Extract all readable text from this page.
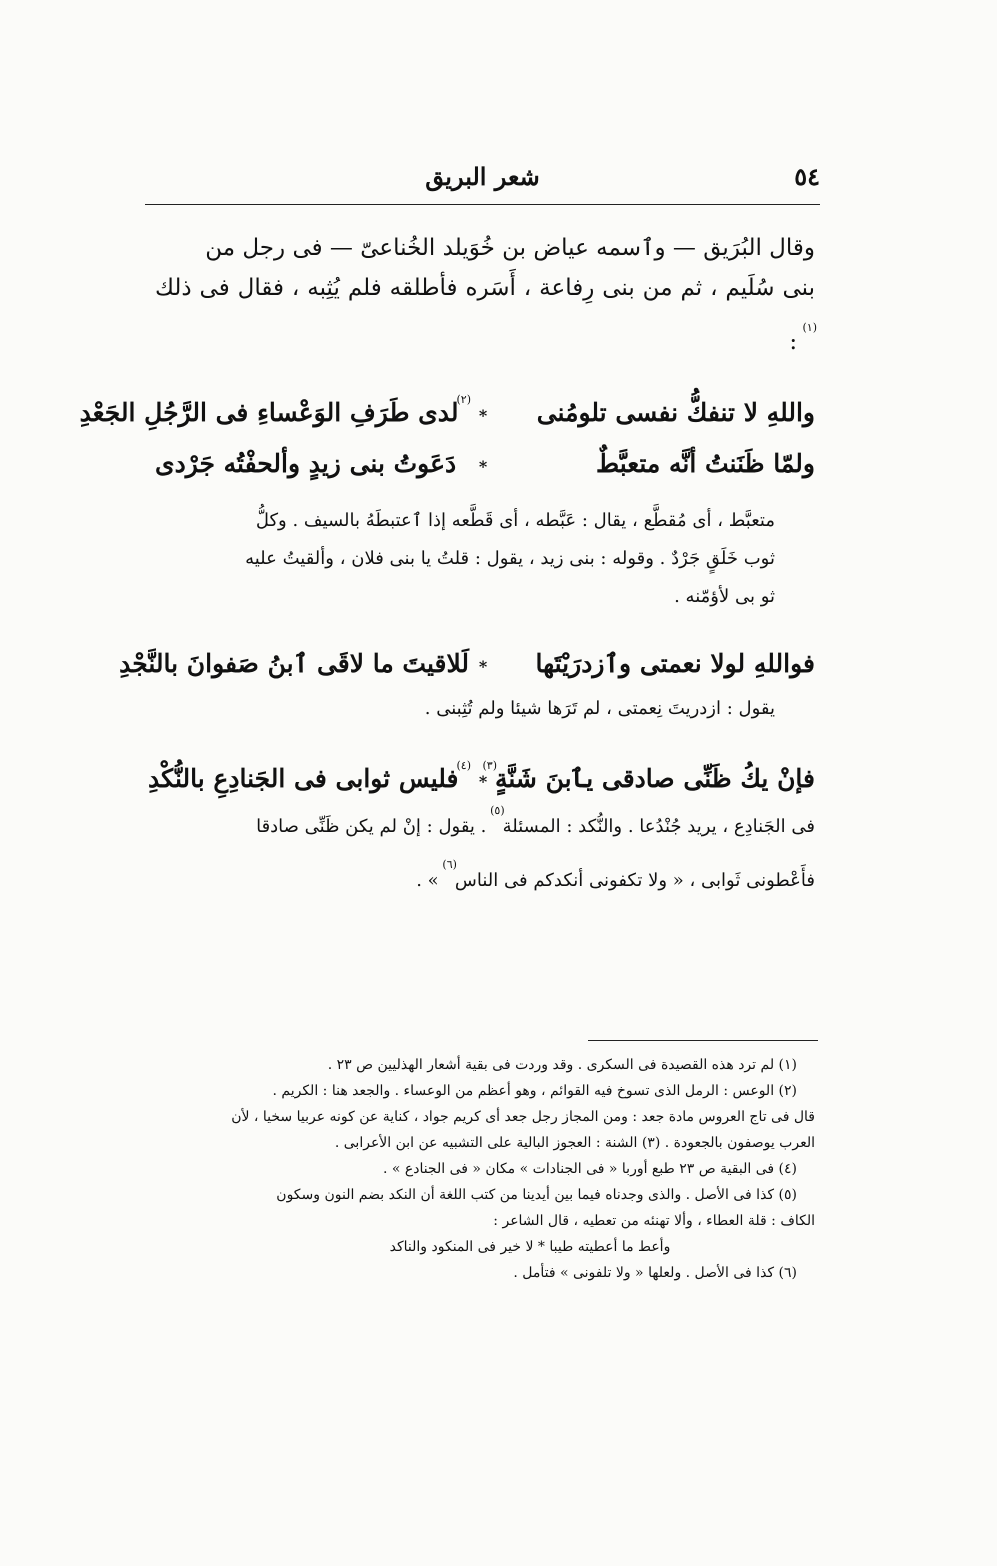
٥٤
شعر البريق

وقال البُرَيق — وٱسمه عياض بن خُوَيلد الخُناعىّ — فى رجل من
بنى سُلَيم ، ثم من بنى رِفاعة ، أَسَره فأطلقه فلم يُثِبه ، فقال فى ذلك(١) :

واللهِ لا تنفكُّ نفسى تلومُنى
*
(٢)لدى طَرَفِ الوَعْساءِ فى الرَّجُلِ الجَعْدِ
ولمّا ظَنَنتُ أنَّه متعبَّطٌ
*
دَعَوتُ بنى زيدٍ وألحفْتُه جَرْدى

متعبَّط ، أى مُقطَّع ، يقال : عَبَّطه ، أى قَطَّعه إذا ٱعتبطَهُ بالسيف . وكلُّ
ثوب خَلَقٍ جَرْدٌ . وقوله : بنى زيد ، يقول : قلتُ يا بنى فلان ، وألقيتُ عليه
ثو بى لأؤمّنه .

فواللهِ لولا نعمتى وٱزدرَيْتَها
*
لَلاقيتَ ما لاقَى ٱبنُ صَفوانَ بالنَّجْدِ

يقول : ازدريتَ نِعمتى ، لم تَرَها شيئا ولم تُثِبنى .

فإنْ يكُ ظَنِّى صادقى يٱبنَ شَنَّةٍ(٣)
*
(٤)فليس ثوابى فى الجَنادِعِ بالنُّكْدِ

فى الجَنادِع ، يريد جُنْدُعا . والنُّكد : المسئلة(٥) . يقول : إنْ لم يكن ظَنِّى صادقا
فأَعْطونى ثَوابى ، « ولا تكفونى أنكدكم فى الناس(٦) » .

(١) لم ترد هذه القصيدة فى السكرى . وقد وردت فى بقية أشعار الهذليين ص ٢٣ .

(٢) الوعس : الرمل الذى تسوخ فيه القوائم ، وهو أعظم من الوعساء . والجعد هنا : الكريم .

قال فى تاج العروس مادة جعد : ومن المجاز رجل جعد أى كريم جواد ، كناية عن كونه عربيا سخيا ، لأن

العرب يوصفون بالجعودة . (٣) الشنة : العجوز البالية على التشبيه عن ابن الأعرابى .

(٤) فى البقية ص ٢٣ طبع أوربا « فى الجنادات » مكان « فى الجنادع » .

(٥) كذا فى الأصل . والذى وجدناه فيما بين أيدينا من كتب اللغة أن النكد بضم النون وسكون

الكاف : قلة العطاء ، وألا تهنئه من تعطيه ، قال الشاعر :

وأعط ما أعطيته طيبا * لا خير فى المنكود والناكد

(٦) كذا فى الأصل . ولعلها « ولا تلفونى » فتأمل .
